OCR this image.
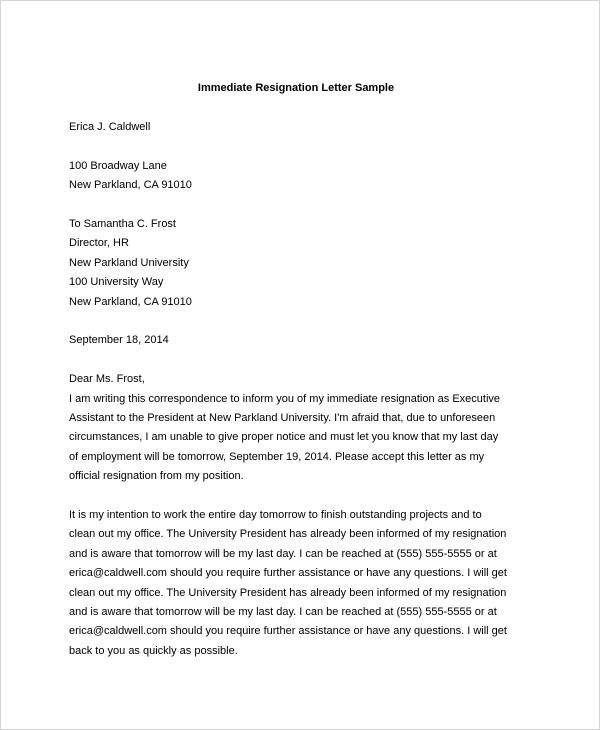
Immediate Resignation Letter Sample
Erica J. Caldwell
100 Broadway Lane
New Parkland, CA 91010
To Samantha C. Frost
Director, HR
New Parkland University
100 University Way
New Parkland, CA 91010
September 18, 2014
Dear Ms. Frost,
I am writing this correspondence to inform you of my immediate resignation as Executive
Assistant to the President at New Parkland University. I'm afraid that, due to unforeseen
circumstances, I am unable to give proper notice and must let you know that my last day
of employment will be tomorrow, September 19, 2014. Please accept this letter as my
official resignation from my position.
It is my intention to work the entire day tomorrow to finish outstanding projects and to
clean out my office. The University President has already been informed of my resignation
and is aware that tomorrow will be my last day. I can be reached at (555) 555-5555 or at
erica@caldwell.com should you require further assistance or have any questions. I will get
clean out my office. The University President has already been informed of my resignation
and is aware that tomorrow will be my last day. I can be reached at (555) 555-5555 or at
erica@caldwell.com should you require further assistance or have any questions. I will get
back to you as quickly as possible.
